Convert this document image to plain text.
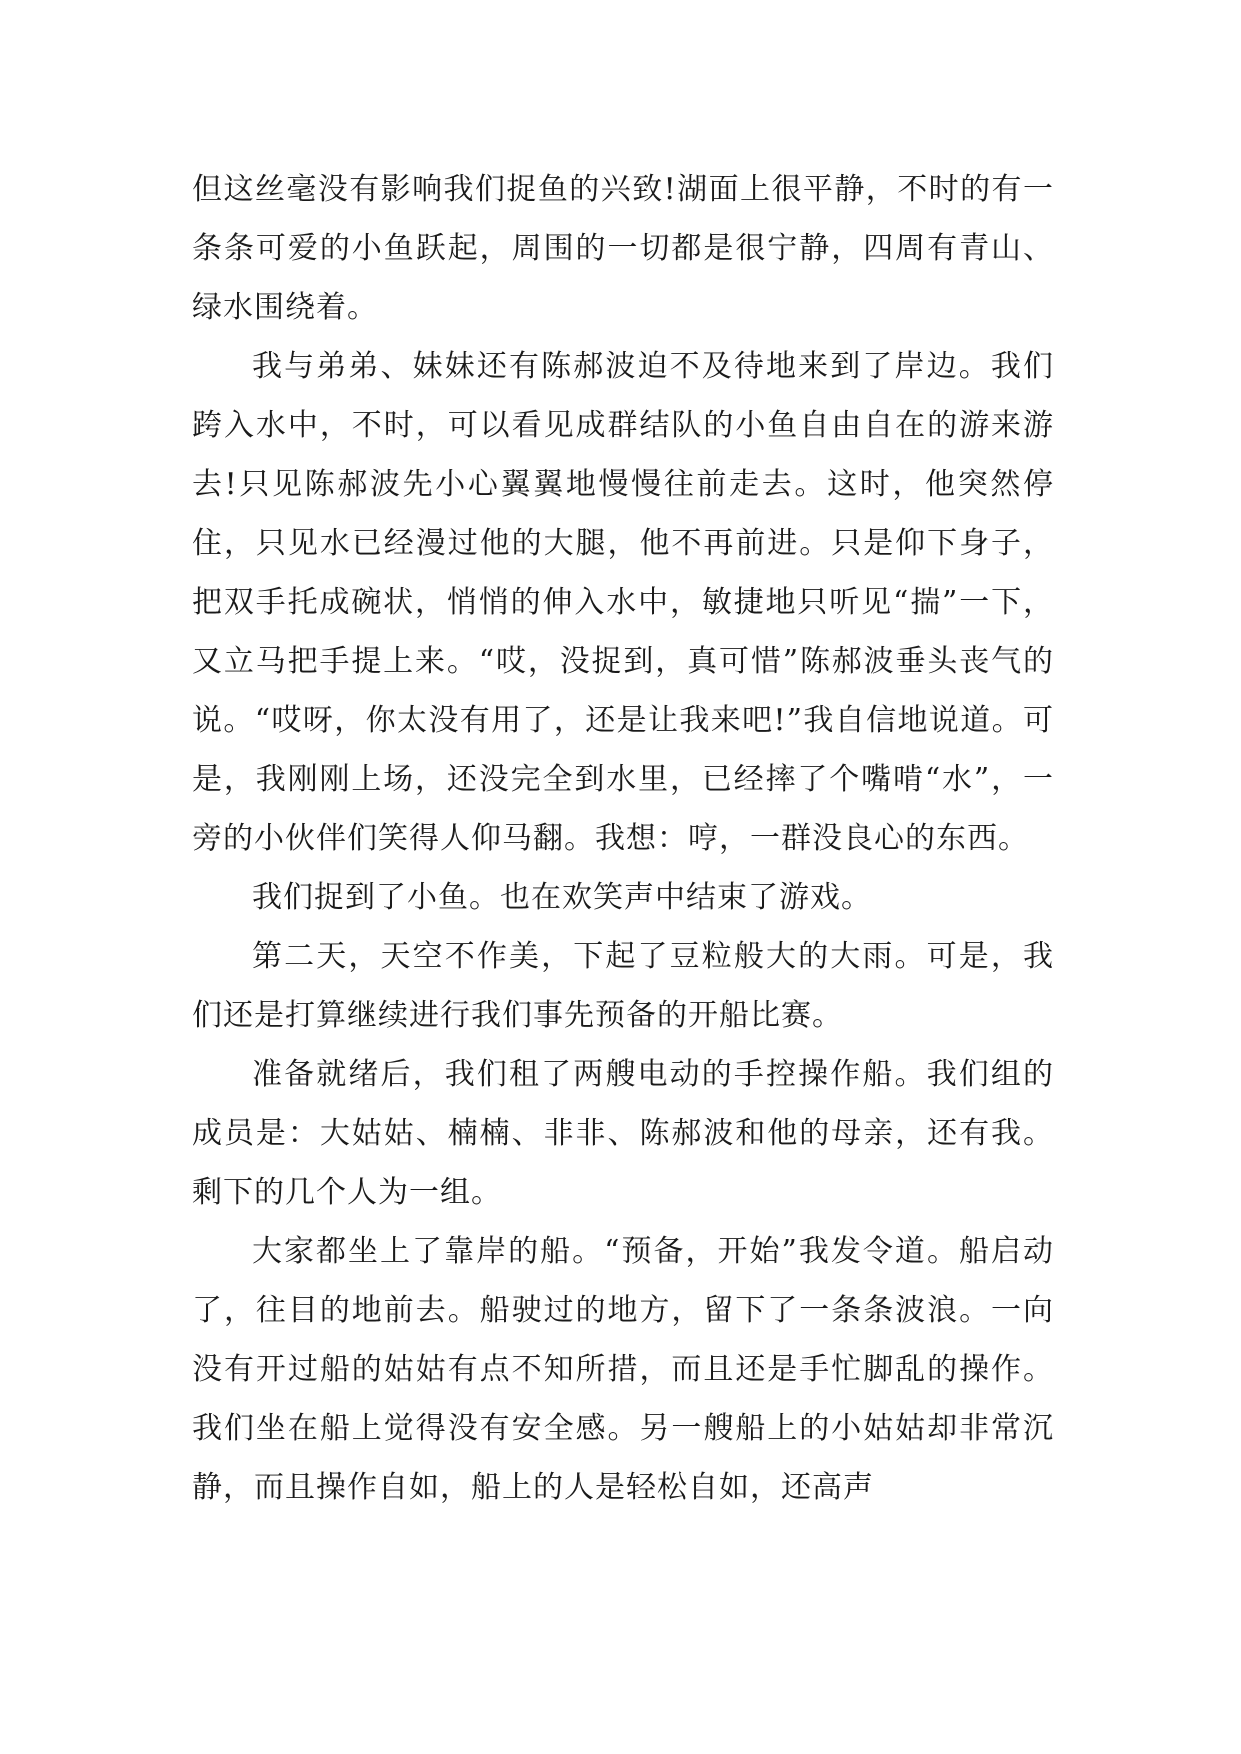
但这丝毫没有影响我们捉鱼的兴致!湖面上很平静，不时的有一条条可爱的小鱼跃起，周围的一切都是很宁静，四周有青山、绿水围绕着。

我与弟弟、妹妹还有陈郝波迫不及待地来到了岸边。我们跨入水中，不时，可以看见成群结队的小鱼自由自在的游来游去!只见陈郝波先小心翼翼地慢慢往前走去。这时，他突然停住，只见水已经漫过他的大腿，他不再前进。只是仰下身子，把双手托成碗状，悄悄的伸入水中，敏捷地只听见“揣”一下，又立马把手提上来。“哎，没捉到，真可惜”陈郝波垂头丧气的说。“哎呀，你太没有用了，还是让我来吧!”我自信地说道。可是，我刚刚上场，还没完全到水里，已经摔了个嘴啃“水”，一旁的小伙伴们笑得人仰马翻。我想：哼，一群没良心的东西。

我们捉到了小鱼。也在欢笑声中结束了游戏。

第二天，天空不作美，下起了豆粒般大的大雨。可是，我们还是打算继续进行我们事先预备的开船比赛。

准备就绪后，我们租了两艘电动的手控操作船。我们组的成员是：大姑姑、楠楠、非非、陈郝波和他的母亲，还有我。剩下的几个人为一组。

大家都坐上了靠岸的船。“预备，开始”我发令道。船启动了，往目的地前去。船驶过的地方，留下了一条条波浪。一向没有开过船的姑姑有点不知所措，而且还是手忙脚乱的操作。我们坐在船上觉得没有安全感。另一艘船上的小姑姑却非常沉静，而且操作自如，船上的人是轻松自如，还高声
